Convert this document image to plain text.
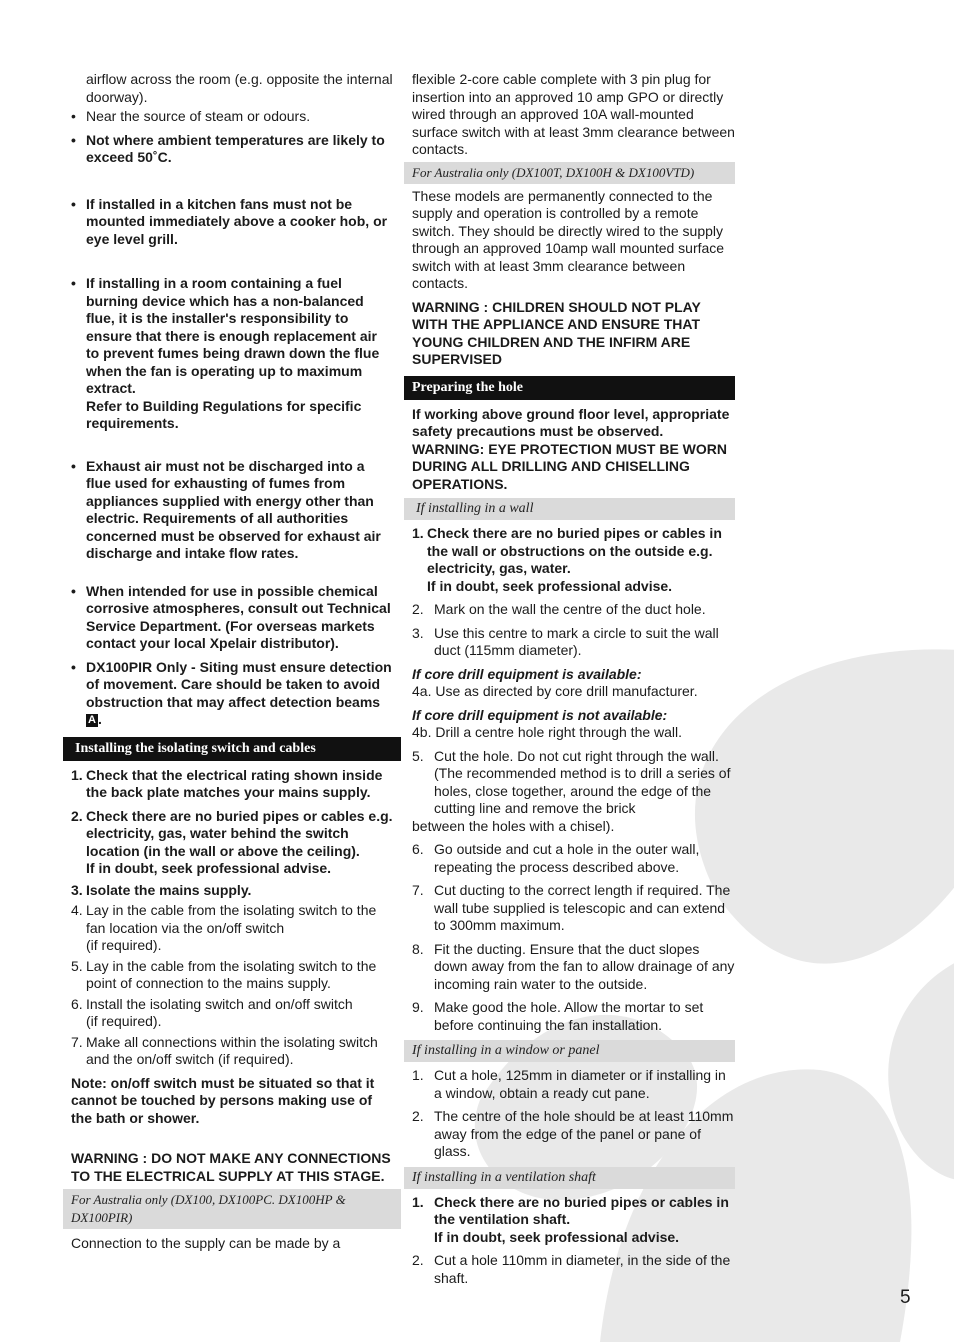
airflow across the room (e.g. opposite the internal doorway).

• Near the source of steam or odours.

• Not where ambient temperatures are likely to exceed 50˚C.

• If installed in a kitchen fans must not be mounted immediately above a cooker hob, or eye level grill.

• If installing in a room containing a fuel burning device which has a non-balanced flue, it is the installer's responsibility to ensure that there is enough replacement air to prevent fumes being drawn down the flue when the fan is operating up to maximum extract.

Refer to Building Regulations for specific requirements.

• Exhaust air must not be discharged into a flue used for exhausting of fumes from appliances supplied with energy other than electric. Requirements of all authorities concerned must be observed for exhaust air discharge and intake flow rates.

• When intended for use in possible chemical corrosive atmospheres, consult out Technical Service Department. (For overseas markets contact your local Xpelair distributor).

• DX100PIR Only - Siting must ensure detection of movement. Care should be taken to avoid obstruction that may affect detection beams A .

Installing the isolating switch and cables
1. Check that the electrical rating shown inside the back plate matches your mains supply.
2. Check there are no buried pipes or cables e.g. electricity, gas, water behind the switch location (in the wall or above the ceiling).
If in doubt, seek professional advise.
3. Isolate the mains supply.
4. Lay in the cable from the isolating switch to the fan location via the on/off switch
(if required).
5. Lay in the cable from the isolating switch to the point of connection to the mains supply.
6. Install the isolating switch and on/off switch
(if required).
7. Make all connections within the isolating switch and the on/off switch (if required).

Note: on/off switch must be situated so that it cannot be touched by persons making use of the bath or shower.

WARNING : DO NOT MAKE ANY CONNECTIONS TO THE ELECTRICAL SUPPLY AT THIS STAGE.

For Australia only (DX100, DX100PC. DX100HP & DX100PIR)

Connection to the supply can be made by a

flexible 2-core cable complete with 3 pin plug for insertion into an approved 10 amp GPO or directly wired through an approved 10A wall-mounted surface switch with at least 3mm clearance between contacts.

For Australia only (DX100T, DX100H & DX100VTD)

These models are permanently connected to the supply and operation is controlled by a remote switch. They should be directly wired to the supply through an approved 10amp wall mounted surface switch with at least 3mm clearance between contacts.

WARNING : CHILDREN SHOULD NOT PLAY WITH THE APPLIANCE AND ENSURE THAT YOUNG CHILDREN AND THE INFIRM ARE SUPERVISED

Preparing the hole

If working above ground floor level, appropriate safety precautions must be observed.

WARNING: EYE PROTECTION MUST BE WORN DURING ALL DRILLING AND CHISELLING OPERATIONS.

If installing in a wall
1. Check there are no buried pipes or cables in the wall or obstructions on the outside e.g. electricity, gas, water.
If in doubt, seek professional advise.
2. Mark on the wall the centre of the duct hole.
3. Use this centre to mark a circle to suit the wall duct (115mm diameter).

If core drill equipment is available:

4a. Use as directed by core drill manufacturer.

If core drill equipment is not available:

4b. Drill a centre hole right through the wall.

5. Cut the hole. Do not cut right through the wall. (The recommended method is to drill a series of holes, close together, around the edge of the cutting line and remove the brick

between the holes with a chisel).

6. Go outside and cut a hole in the outer wall, repeating the process described above.
7. Cut ducting to the correct length if required. The wall tube supplied is telescopic and can extend to 300mm maximum.
8. Fit the ducting. Ensure that the duct slopes down away from the fan to allow drainage of any incoming rain water to the outside.
9. Make good the hole. Allow the mortar to set before continuing the fan installation.
If installing in a window or panel
1. Cut a hole, 125mm in diameter or if installing in a window, obtain a ready cut pane.
2. The centre of the hole should be at least 110mm away from the edge of the panel or pane of glass.
If installing in a ventilation shaft
1. Check there are no buried pipes or cables in the ventilation shaft.
If in doubt, seek professional advise.
2. Cut a hole 110mm in diameter, in the side of the shaft.
5
